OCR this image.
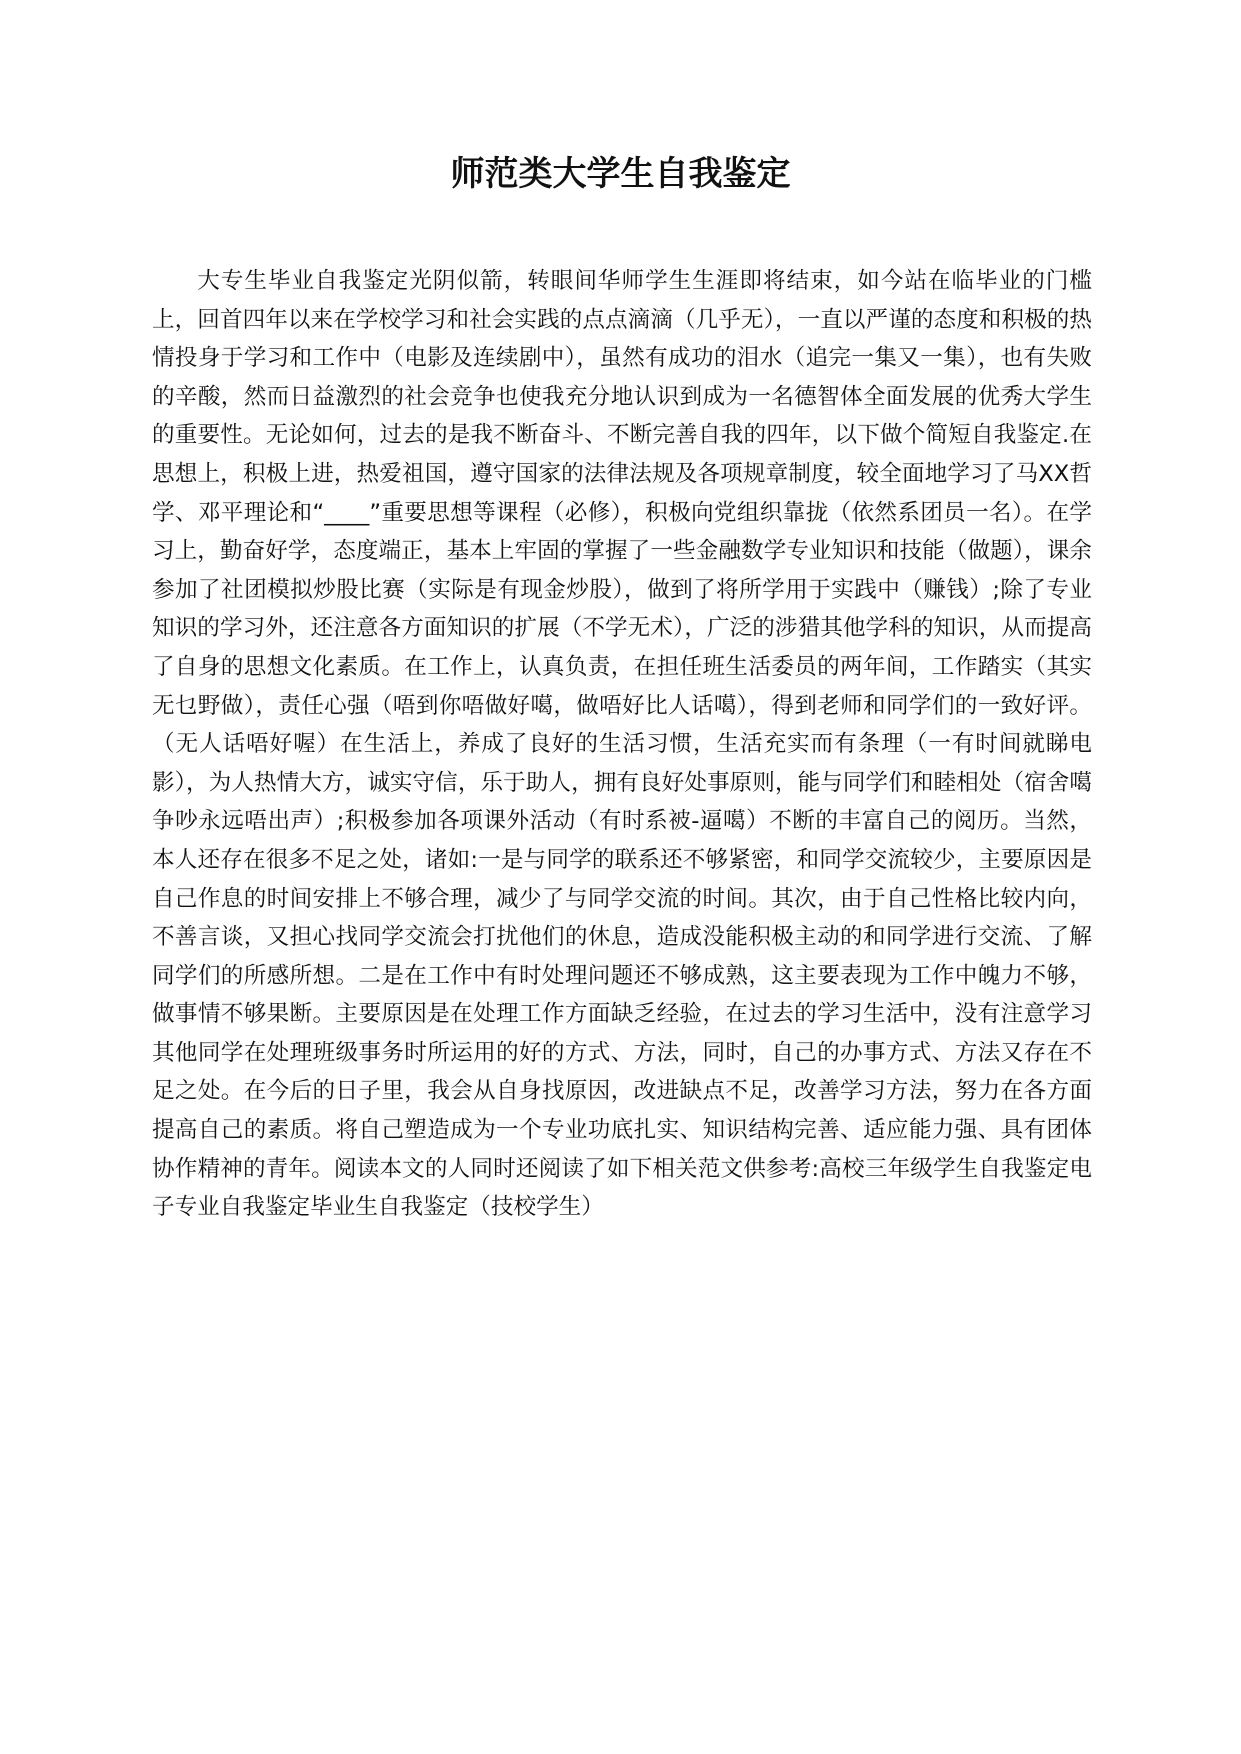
师范类大学生自我鉴定

大专生毕业自我鉴定光阴似箭，转眼间华师学生生涯即将结束，如今站在临毕业的门槛上，回首四年以来在学校学习和社会实践的点点滴滴（几乎无），一直以严谨的态度和积极的热情投身于学习和工作中（电影及连续剧中），虽然有成功的泪水（追完一集又一集），也有失败的辛酸，然而日益激烈的社会竞争也使我充分地认识到成为一名德智体全面发展的优秀大学生的重要性。无论如何，过去的是我不断奋斗、不断完善自我的四年，以下做个简短自我鉴定.在思想上，积极上进，热爱祖国，遵守国家的法律法规及各项规章制度，较全面地学习了马XX哲学、邓平理论和“____”重要思想等课程（必修），积极向党组织靠拢（依然系团员一名）。在学习上，勤奋好学，态度端正，基本上牢固的掌握了一些金融数学专业知识和技能（做题），课余参加了社团模拟炒股比赛（实际是有现金炒股），做到了将所学用于实践中（赚钱）;除了专业知识的学习外，还注意各方面知识的扩展（不学无术），广泛的涉猎其他学科的知识，从而提高了自身的思想文化素质。在工作上，认真负责，在担任班生活委员的两年间，工作踏实（其实无乜野做），责任心强（唔到你唔做好噶，做唔好比人话噶），得到老师和同学们的一致好评。（无人话唔好喔）在生活上，养成了良好的生活习惯，生活充实而有条理（一有时间就睇电影），为人热情大方，诚实守信，乐于助人，拥有良好处事原则，能与同学们和睦相处（宿舍噶争吵永远唔出声）;积极参加各项课外活动（有时系被-逼噶）不断的丰富自己的阅历。当然，本人还存在很多不足之处，诸如:一是与同学的联系还不够紧密，和同学交流较少，主要原因是自己作息的时间安排上不够合理，减少了与同学交流的时间。其次，由于自己性格比较内向，不善言谈，又担心找同学交流会打扰他们的休息，造成没能积极主动的和同学进行交流、了解同学们的所感所想。二是在工作中有时处理问题还不够成熟，这主要表现为工作中魄力不够，做事情不够果断。主要原因是在处理工作方面缺乏经验，在过去的学习生活中，没有注意学习其他同学在处理班级事务时所运用的好的方式、方法，同时，自己的办事方式、方法又存在不足之处。在今后的日子里，我会从自身找原因，改进缺点不足，改善学习方法，努力在各方面提高自己的素质。将自己塑造成为一个专业功底扎实、知识结构完善、适应能力强、具有团体协作精神的青年。阅读本文的人同时还阅读了如下相关范文供参考:高校三年级学生自我鉴定电子专业自我鉴定毕业生自我鉴定（技校学生）
